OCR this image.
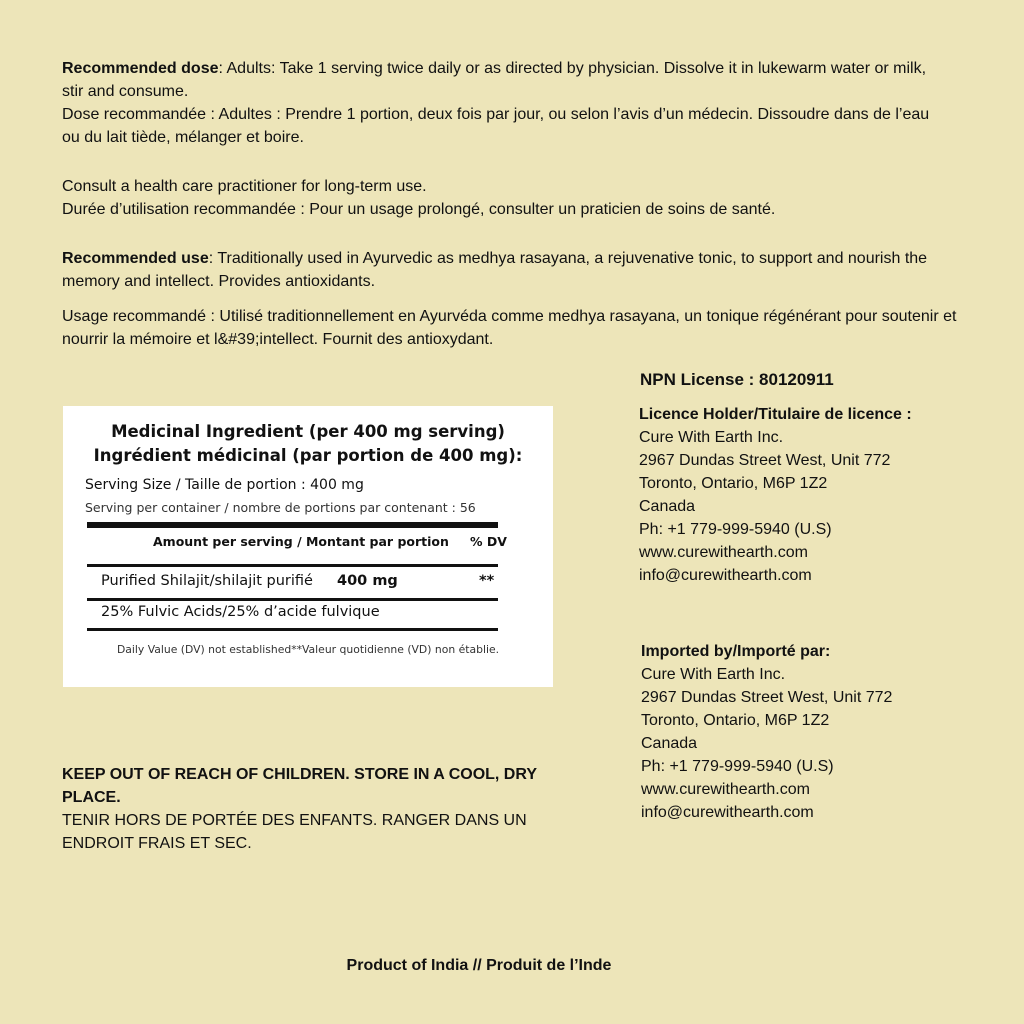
Recommended dose: Adults: Take 1 serving twice daily or as directed by physician. Dissolve it in lukewarm water or milk, stir and consume.

Dose recommandée : Adultes : Prendre 1 portion, deux fois par jour, ou selon l’avis d’un médecin. Dissoudre dans de l’eau ou du lait tiède, mélanger et boire.

Consult a health care practitioner for long-term use.

Durée d’utilisation recommandée : Pour un usage prolongé, consulter un praticien de soins de santé.

Recommended use: Traditionally used in Ayurvedic as medhya rasayana, a rejuvenative tonic, to support and nourish the memory and intellect. Provides antioxidants.

Usage recommandé : Utilisé traditionnellement en Ayurvéda comme medhya rasayana, un tonique régénérant pour soutenir et nourrir la mémoire et l&#39;intellect. Fournit des antioxydant.

NPN License : 80120911
Medicinal Ingredient (per 400 mg serving)
Ingrédient médicinal (par portion de 400 mg):
Serving Size / Taille de portion : 400 mg
Serving per container / nombre de portions par contenant : 56
Amount per serving / Montant par portion % DV
Purified Shilajit/shilajit purifié 400 mg	**
25% Fulvic Acids/25% d’acide fulvique
Daily Value (DV) not established**Valeur quotidienne (VD) non établie.

Licence Holder/Titulaire de licence :

Cure With Earth Inc.

2967 Dundas Street West, Unit 772

Toronto, Ontario, M6P 1Z2

Canada

Ph: +1 779-999-5940 (U.S)

www.curewithearth.com

info@curewithearth.com

Imported by/Importé par:

Cure With Earth Inc.

2967 Dundas Street West, Unit 772

Toronto, Ontario, M6P 1Z2

Canada

Ph: +1 779-999-5940 (U.S)

www.curewithearth.com

info@curewithearth.com

KEEP OUT OF REACH OF CHILDREN. STORE IN A COOL, DRY PLACE.

TENIR HORS DE PORTÉE DES ENFANTS. RANGER DANS UN ENDROIT FRAIS ET SEC.

Product of India // Produit de l’Inde
